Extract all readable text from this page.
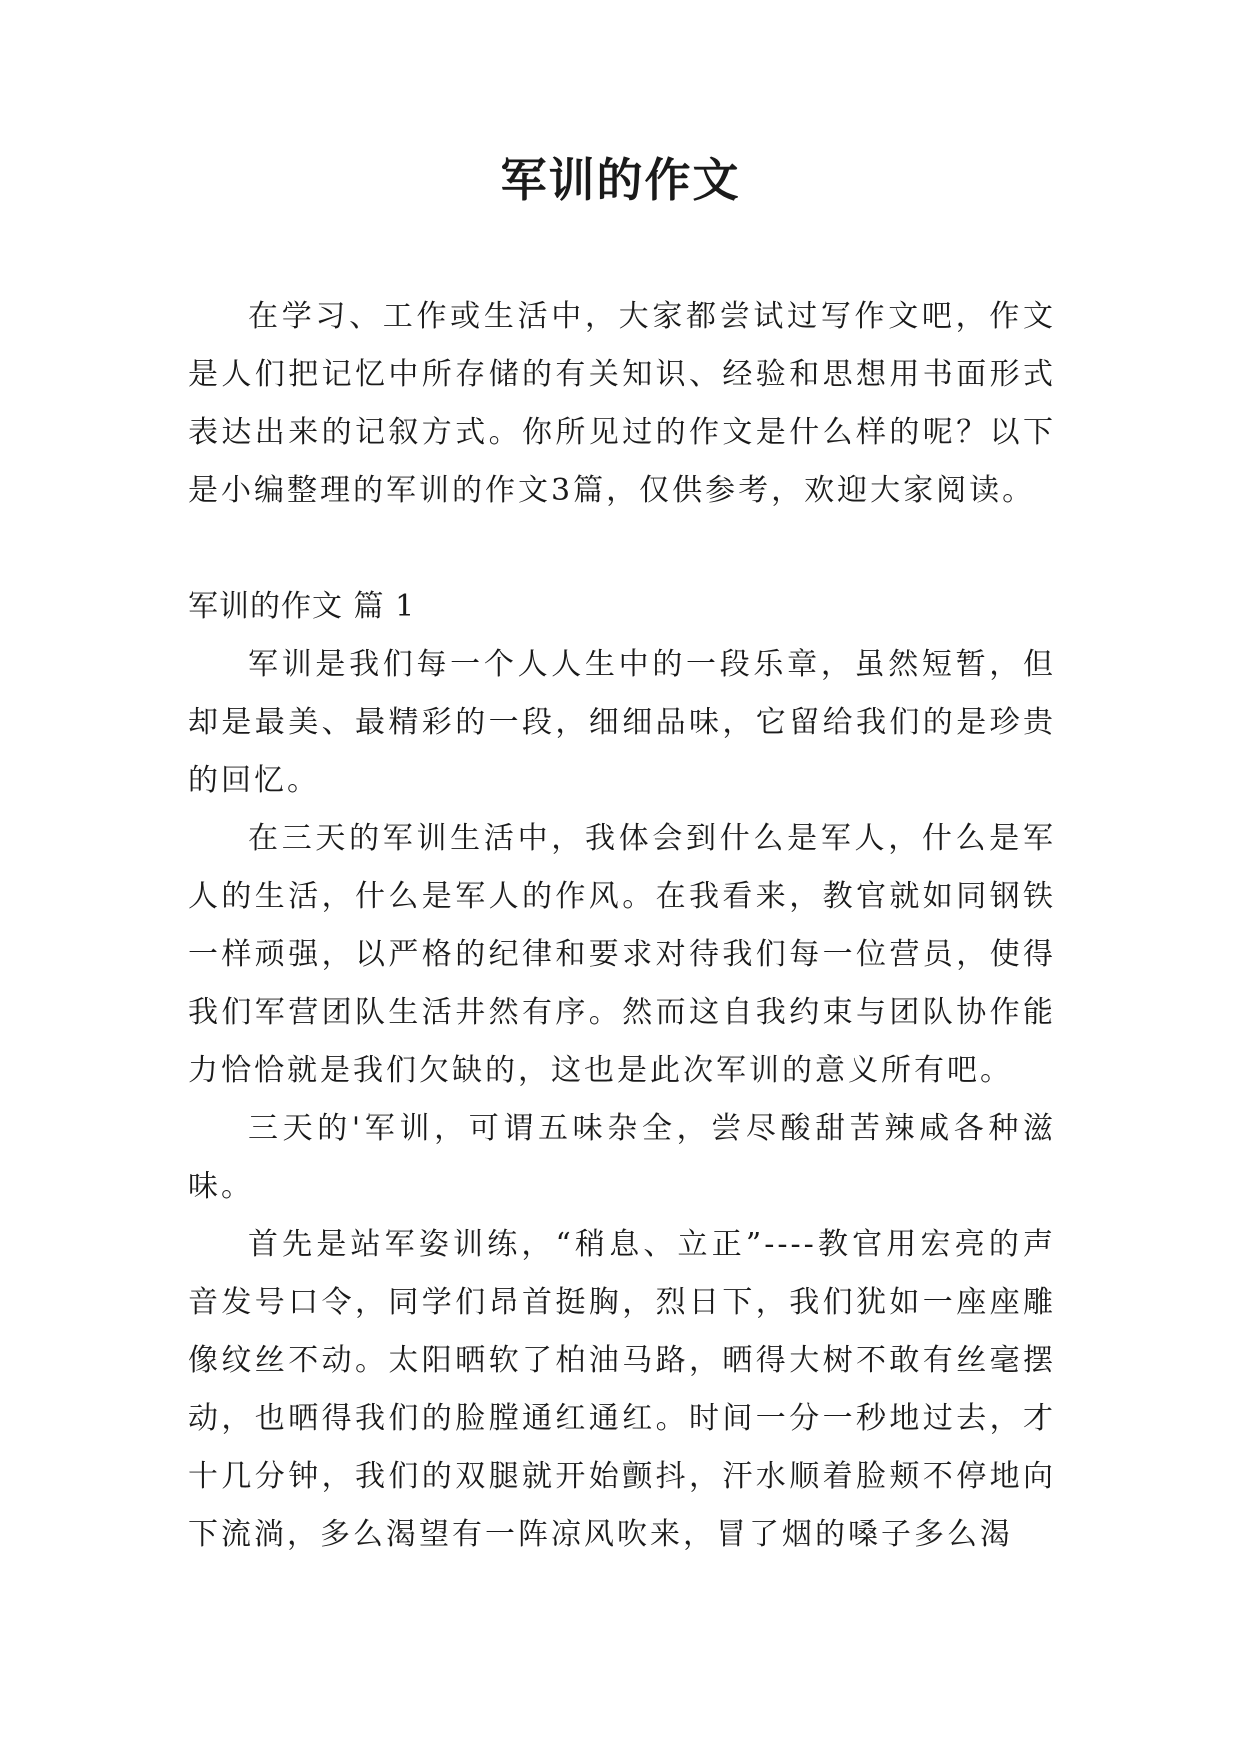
军训的作文

在学习、工作或生活中，大家都尝试过写作文吧，作文是人们把记忆中所存储的有关知识、经验和思想用书面形式表达出来的记叙方式。你所见过的作文是什么样的呢？以下是小编整理的军训的作文3篇，仅供参考，欢迎大家阅读。

军训的作文 篇 1

军训是我们每一个人人生中的一段乐章，虽然短暂，但却是最美、最精彩的一段，细细品味，它留给我们的是珍贵的回忆。

在三天的军训生活中，我体会到什么是军人，什么是军人的生活，什么是军人的作风。在我看来，教官就如同钢铁一样顽强，以严格的纪律和要求对待我们每一位营员，使得我们军营团队生活井然有序。然而这自我约束与团队协作能力恰恰就是我们欠缺的，这也是此次军训的意义所有吧。

三天的'军训，可谓五味杂全，尝尽酸甜苦辣咸各种滋味。

首先是站军姿训练，“稍息、立正”----教官用宏亮的声音发号口令，同学们昂首挺胸，烈日下，我们犹如一座座雕像纹丝不动。太阳晒软了柏油马路，晒得大树不敢有丝毫摆动，也晒得我们的脸膛通红通红。时间一分一秒地过去，才十几分钟，我们的双腿就开始颤抖，汗水顺着脸颊不停地向下流淌，多么渴望有一阵凉风吹来，冒了烟的嗓子多么渴
